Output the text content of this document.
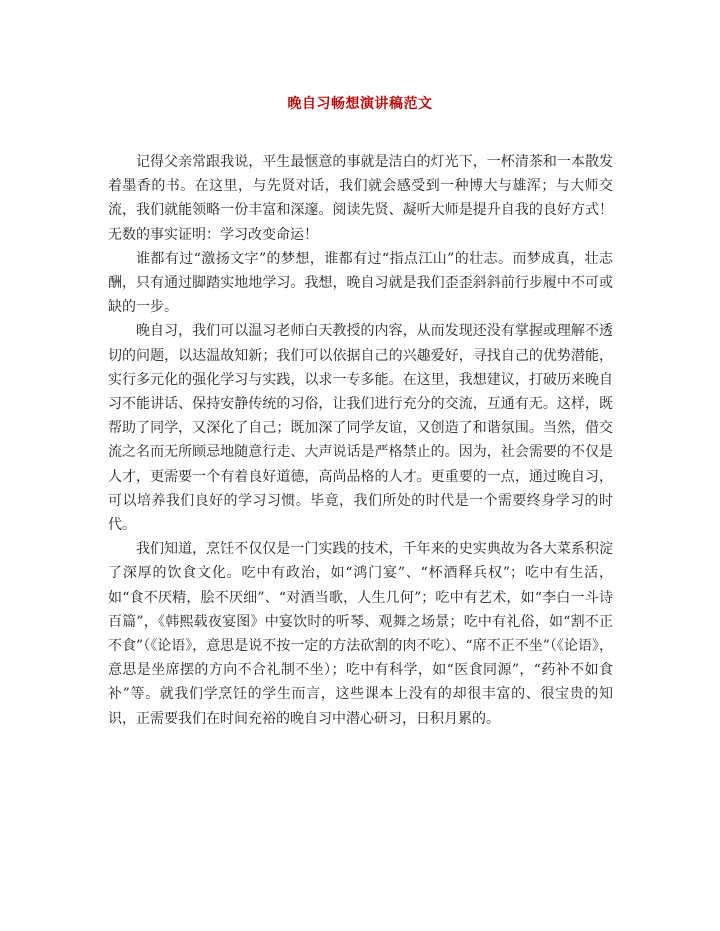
晚自习畅想演讲稿范文

记得父亲常跟我说，平生最惬意的事就是洁白的灯光下，一杯清茶和一本散发着墨香的书。在这里，与先贤对话，我们就会感受到一种博大与雄浑；与大师交流，我们就能领略一份丰富和深邃。阅读先贤、凝听大师是提升自我的良好方式！无数的事实证明：学习改变命运！

谁都有过“激扬文字”的梦想，谁都有过“指点江山”的壮志。而梦成真，壮志酬，只有通过脚踏实地地学习。我想，晚自习就是我们歪歪斜斜前行步履中不可或缺的一步。

晚自习，我们可以温习老师白天教授的内容，从而发现还没有掌握或理解不透切的问题，以达温故知新；我们可以依据自己的兴趣爱好，寻找自己的优势潜能，实行多元化的强化学习与实践，以求一专多能。在这里，我想建议，打破历来晚自习不能讲话、保持安静传统的习俗，让我们进行充分的交流，互通有无。这样，既帮助了同学，又深化了自己；既加深了同学友谊，又创造了和谐氛围。当然，借交流之名而无所顾忌地随意行走、大声说话是严格禁止的。因为，社会需要的不仅是人才，更需要一个有着良好道德，高尚品格的人才。更重要的一点，通过晚自习，可以培养我们良好的学习习惯。毕竟，我们所处的时代是一个需要终身学习的时代。

我们知道，烹饪不仅仅是一门实践的技术，千年来的史实典故为各大菜系积淀了深厚的饮食文化。吃中有政治，如“鸿门宴”、“杯酒释兵权”；吃中有生活，如“食不厌精，脍不厌细”、“对酒当歌，人生几何”；吃中有艺术，如“李白一斗诗百篇”，《韩熙载夜宴图》中宴饮时的听琴、观舞之场景；吃中有礼俗，如“割不正不食”（《论语》，意思是说不按一定的方法砍割的肉不吃）、“席不正不坐”（《论语》，意思是坐席摆的方向不合礼制不坐）；吃中有科学，如“医食同源”，“药补不如食补”等。就我们学烹饪的学生而言，这些课本上没有的却很丰富的、很宝贵的知识，正需要我们在时间充裕的晚自习中潜心研习，日积月累的。
